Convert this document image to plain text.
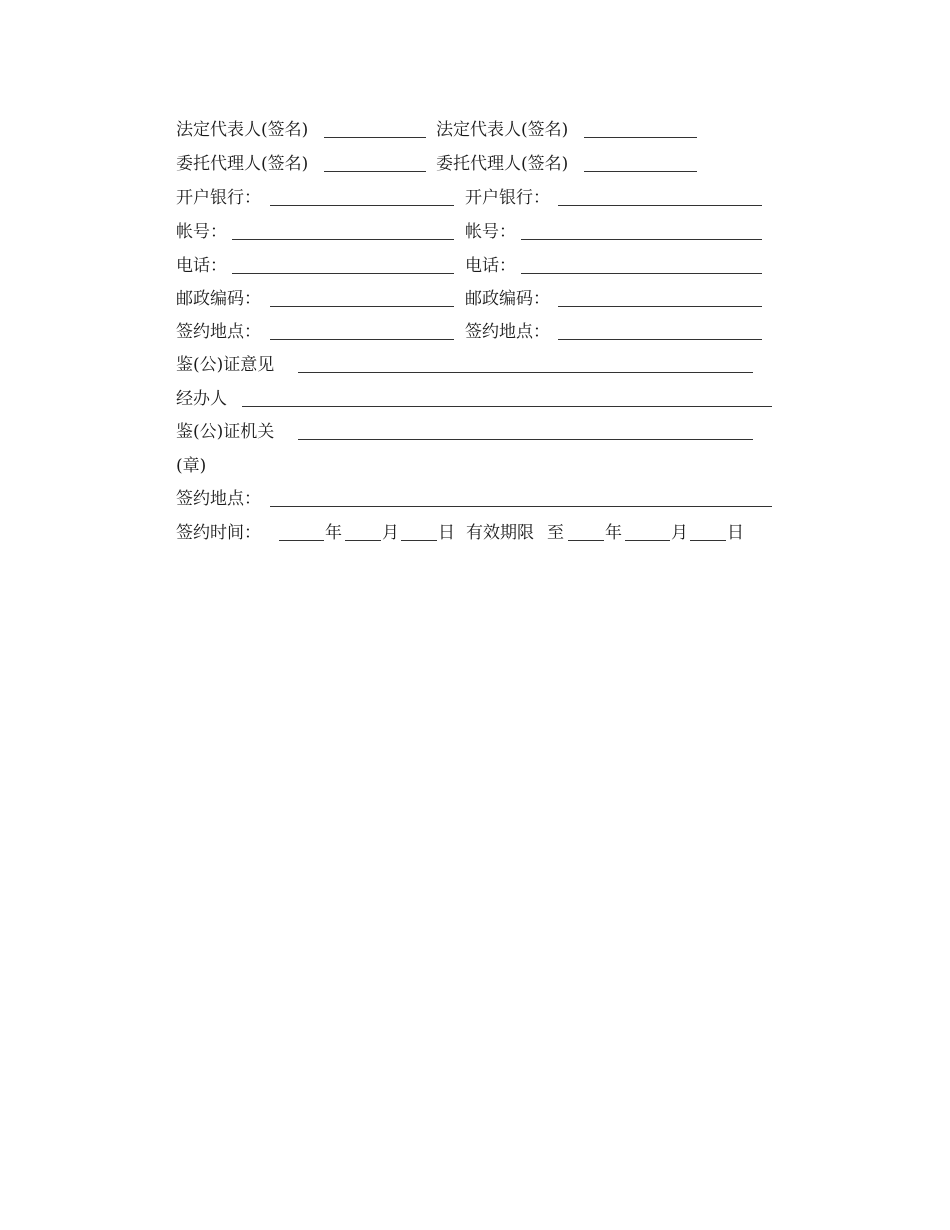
法定代表人(签名)	法定代表人(签名)
委托代理人(签名)	委托代理人(签名)
开户银行：	开户银行：
帐号：	帐号：
电话：	电话：
邮政编码：	邮政编码：
签约地点：	签约地点：
鉴(公)证意见
经办人
鉴(公)证机关
(章)
签约地点：
签约时间：	年 月 日 有效期限 至 年	月 日
